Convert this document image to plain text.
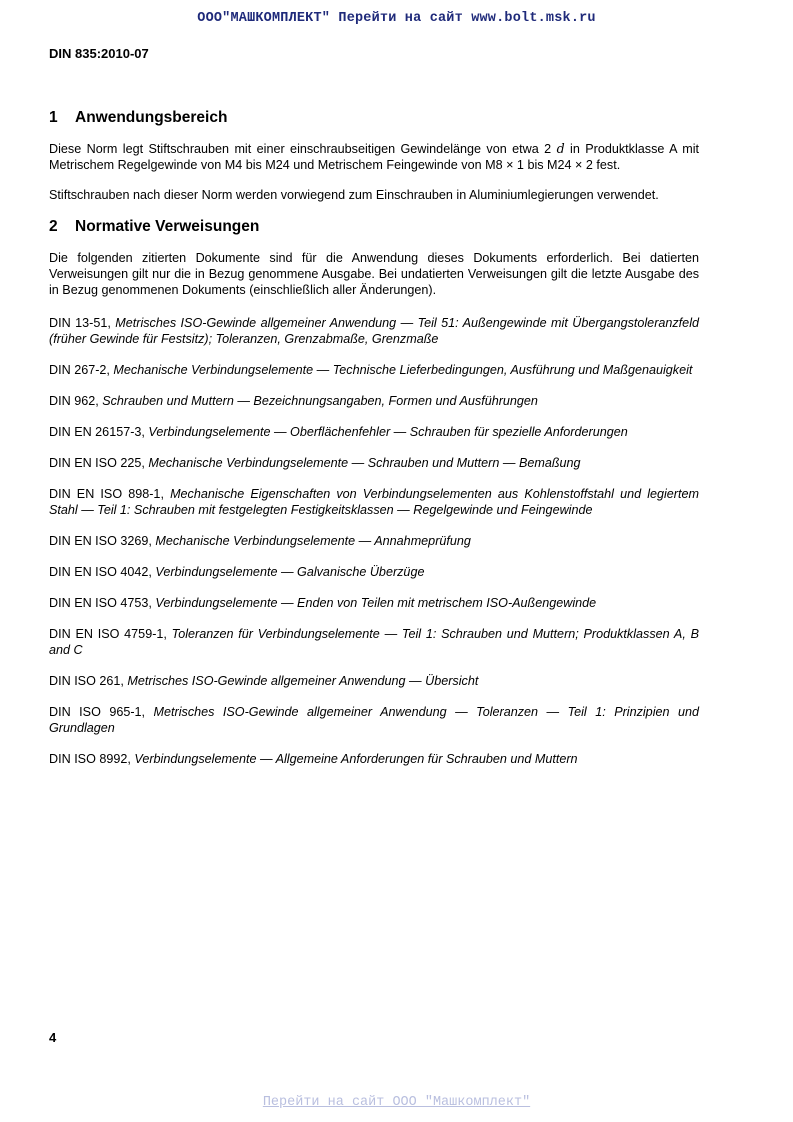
ООО"МАШКОМПЛЕКТ" Перейти на сайт www.bolt.msk.ru
DIN 835:2010-07
1 Anwendungsbereich

Diese Norm legt Stiftschrauben mit einer einschraubseitigen Gewindelänge von etwa 2 d in Produktklasse A mit Metrischem Regelgewinde von M4 bis M24 und Metrischem Feingewinde von M8 × 1 bis M24 × 2 fest.

Stiftschrauben nach dieser Norm werden vorwiegend zum Einschrauben in Aluminiumlegierungen verwendet.

2 Normative Verweisungen

Die folgenden zitierten Dokumente sind für die Anwendung dieses Dokuments erforderlich. Bei datierten Verweisungen gilt nur die in Bezug genommene Ausgabe. Bei undatierten Verweisungen gilt die letzte Ausgabe des in Bezug genommenen Dokuments (einschließlich aller Änderungen).

DIN 13-51, Metrisches ISO-Gewinde allgemeiner Anwendung — Teil 51: Außengewinde mit Übergangstoleranzfeld (früher Gewinde für Festsitz); Toleranzen, Grenzabmaße, Grenzmaße

DIN 267-2, Mechanische Verbindungselemente — Technische Lieferbedingungen, Ausführung und Maßgenauigkeit

DIN 962, Schrauben und Muttern — Bezeichnungsangaben, Formen und Ausführungen

DIN EN 26157-3, Verbindungselemente — Oberflächenfehler — Schrauben für spezielle Anforderungen

DIN EN ISO 225, Mechanische Verbindungselemente — Schrauben und Muttern — Bemaßung

DIN EN ISO 898-1, Mechanische Eigenschaften von Verbindungselementen aus Kohlenstoffstahl und legiertem Stahl — Teil 1: Schrauben mit festgelegten Festigkeitsklassen — Regelgewinde und Feingewinde

DIN EN ISO 3269, Mechanische Verbindungselemente — Annahmeprüfung

DIN EN ISO 4042, Verbindungselemente — Galvanische Überzüge

DIN EN ISO 4753, Verbindungselemente — Enden von Teilen mit metrischem ISO-Außengewinde

DIN EN ISO 4759-1, Toleranzen für Verbindungselemente — Teil 1: Schrauben und Muttern; Produktklassen A, B and C

DIN ISO 261, Metrisches ISO-Gewinde allgemeiner Anwendung — Übersicht

DIN ISO 965-1, Metrisches ISO-Gewinde allgemeiner Anwendung — Toleranzen — Teil 1: Prinzipien und Grundlagen

DIN ISO 8992, Verbindungselemente — Allgemeine Anforderungen für Schrauben und Muttern

4
Перейти на сайт ООО "Машкомплект"
